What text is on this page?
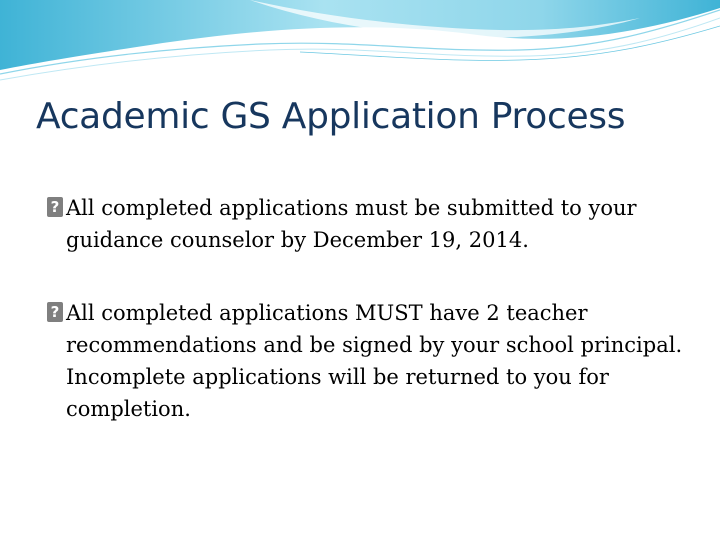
Academic GS Application Process
? All completed applications must be submitted to your guidance counselor by December 19, 2014.
? All completed applications MUST have 2 teacher recommendations and be signed by your school principal. Incomplete applications will be returned to you for completion.
